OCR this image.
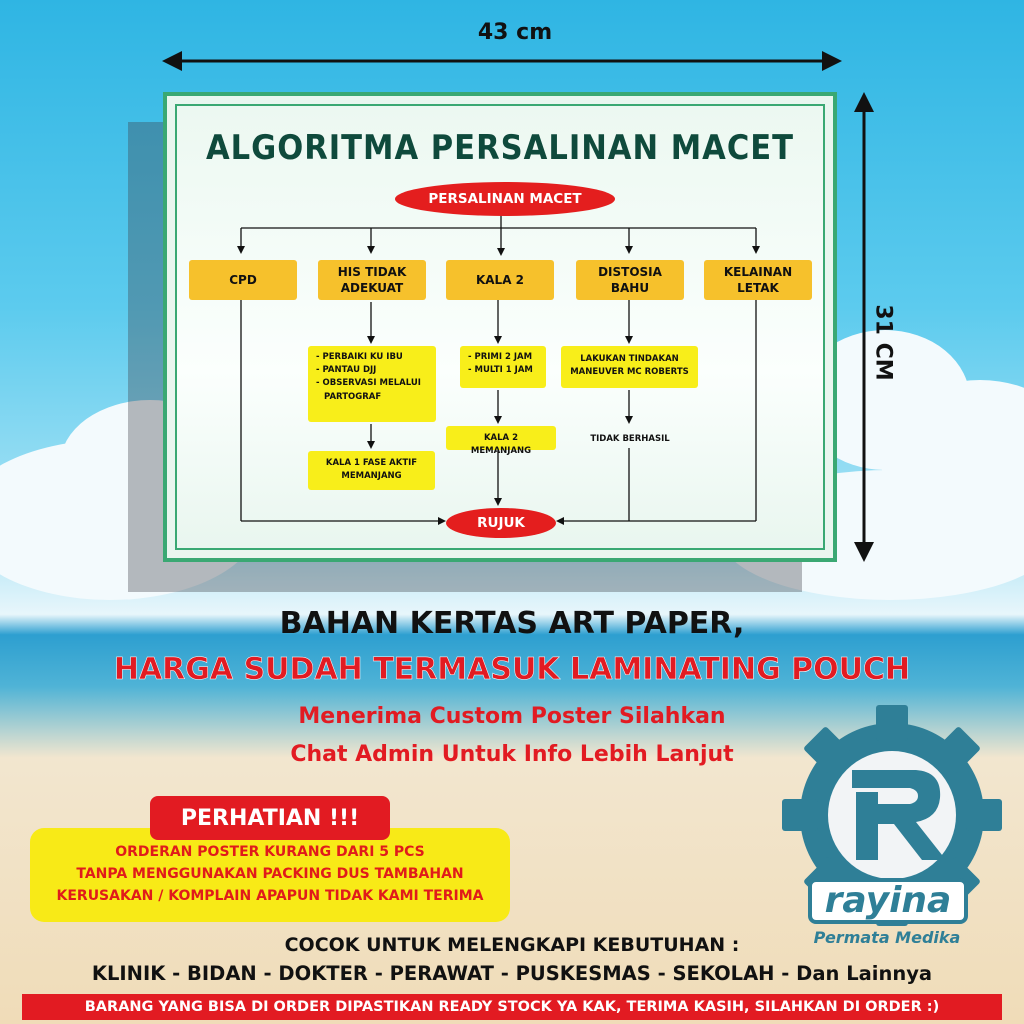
43 cm
31 CM
ALGORITMA PERSALINAN MACET
PERSALINAN MACET
CPD
HIS TIDAK
ADEKUAT
KALA 2
DISTOSIA
BAHU
KELAINAN
LETAK
- PERBAIKI KU IBU
- PANTAU DJJ
- OBSERVASI MELALUI
PARTOGRAF
KALA 1 FASE AKTIF
MEMANJANG
- PRIMI 2 JAM
- MULTI 1 JAM
KALA 2 MEMANJANG
LAKUKAN TINDAKAN
MANEUVER MC ROBERTS
TIDAK BERHASIL
RUJUK
BAHAN KERTAS ART PAPER,
HARGA SUDAH TERMASUK LAMINATING POUCH
Menerima Custom Poster Silahkan
Chat Admin Untuk Info Lebih Lanjut
ORDERAN POSTER KURANG DARI 5 PCS
TANPA MENGGUNAKAN PACKING DUS TAMBAHAN
KERUSAKAN / KOMPLAIN APAPUN TIDAK KAMI TERIMA
PERHATIAN !!!
rayina
Permata Medika
COCOK UNTUK MELENGKAPI KEBUTUHAN :
KLINIK - BIDAN - DOKTER - PERAWAT - PUSKESMAS - SEKOLAH - Dan Lainnya
BARANG YANG BISA DI ORDER DIPASTIKAN READY STOCK YA KAK, TERIMA KASIH, SILAHKAN DI ORDER :)
